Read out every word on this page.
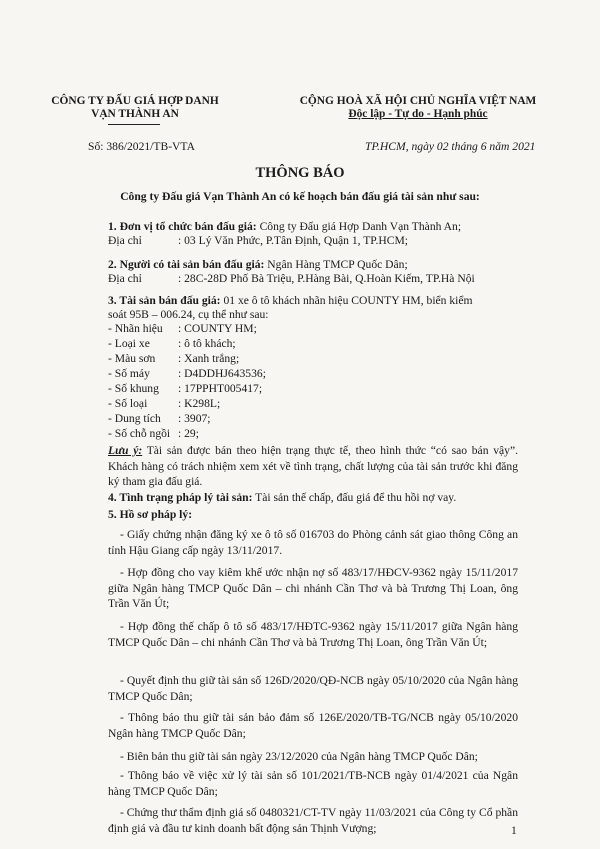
CÔNG TY ĐẤU GIÁ HỢP DANH
VẠN THÀNH AN
CỘNG HOÀ XÃ HỘI CHỦ NGHĨA VIỆT NAM
Độc lập - Tự do - Hạnh phúc
Số: 386/2021/TB-VTA	TP.HCM, ngày 02 tháng 6 năm 2021
THÔNG BÁO
Công ty Đấu giá Vạn Thành An có kế hoạch bán đấu giá tài sản như sau:
1. Đơn vị tổ chức bán đấu giá: Công ty Đấu giá Hợp Danh Vạn Thành An;
Địa chỉ	: 03 Lý Văn Phức, P.Tân Định, Quận 1, TP.HCM;
2. Người có tài sản bán đấu giá: Ngân Hàng TMCP Quốc Dân;
Địa chỉ	: 28C-28D Phố Bà Triệu, P.Hàng Bài, Q.Hoàn Kiếm, TP.Hà Nội
3. Tài sản bán đấu giá: 01 xe ô tô khách nhãn hiệu COUNTY HM, biển kiểm
soát 95B – 006.24, cụ thể như sau:
- Nhãn hiệu : COUNTY HM;
- Loại xe : ô tô khách;
- Màu sơn : Xanh trắng;
- Số máy : D4DDHJ643536;
- Số khung : 17PPHT005417;
- Số loại	: K298L;
- Dung tích : 3907;
- Số chỗ ngồi : 29;
Lưu ý: Tài sản được bán theo hiện trạng thực tế, theo hình thức “có sao bán vậy”. Khách hàng có trách nhiệm xem xét về tình trạng, chất lượng của tài sản trước khi đăng ký tham gia đấu giá.
4. Tình trạng pháp lý tài sản: Tài sản thế chấp, đấu giá để thu hồi nợ vay.
5. Hồ sơ pháp lý:
- Giấy chứng nhận đăng ký xe ô tô số 016703 do Phòng cảnh sát giao thông Công an tỉnh Hậu Giang cấp ngày 13/11/2017.
- Hợp đồng cho vay kiêm khế ước nhận nợ số 483/17/HĐCV-9362 ngày 15/11/2017 giữa Ngân hàng TMCP Quốc Dân – chi nhánh Cần Thơ và bà Trương Thị Loan, ông Trần Văn Út;
- Hợp đồng thế chấp ô tô số 483/17/HĐTC-9362 ngày 15/11/2017 giữa Ngân hàng TMCP Quốc Dân – chi nhánh Cần Thơ và bà Trương Thị Loan, ông Trần Văn Út;
- Quyết định thu giữ tài sản số 126D/2020/QĐ-NCB ngày 05/10/2020 của Ngân hàng TMCP Quốc Dân;
- Thông báo thu giữ tài sản bảo đảm số 126E/2020/TB-TG/NCB ngày 05/10/2020 Ngân hàng TMCP Quốc Dân;
- Biên bản thu giữ tài sản ngày 23/12/2020 của Ngân hàng TMCP Quốc Dân;
- Thông báo về việc xử lý tài sản số 101/2021/TB-NCB ngày 01/4/2021 của Ngân hàng TMCP Quốc Dân;
- Chứng thư thẩm định giá số 0480321/CT-TV ngày 11/03/2021 của Công ty Cổ phần định giá và đầu tư kinh doanh bất động sản Thịnh Vượng;	1
